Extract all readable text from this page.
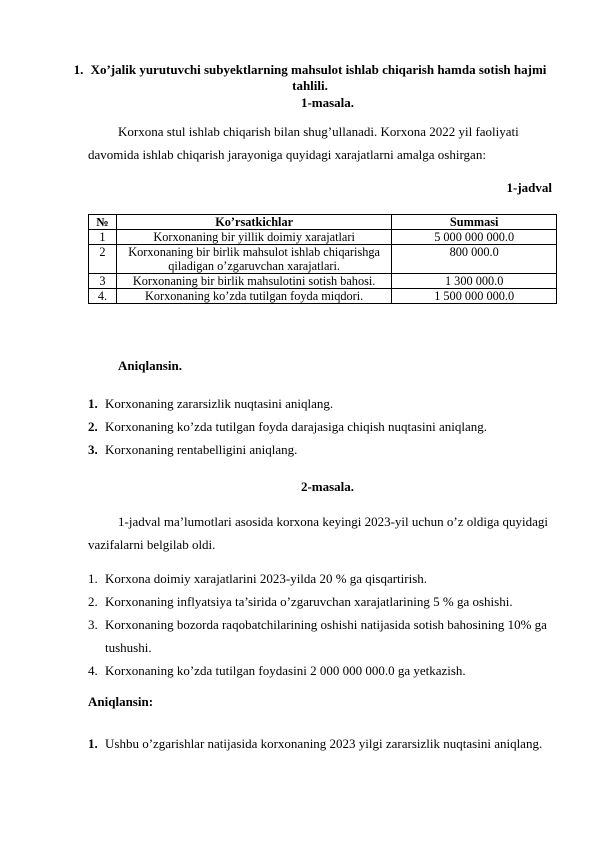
1. Xo’jalik yurutuvchi subyektlarning mahsulot ishlab chiqarish hamda sotish hajmi tahlili.
1-masala.
Korxona stul ishlab chiqarish bilan shug’ullanadi. Korxona 2022 yil faoliyati davomida ishlab chiqarish jarayoniga quyidagi xarajatlarni amalga oshirgan:
1-jadval
№	Ko’rsatkichlar	Summasi
1	Korxonaning bir yillik doimiy xarajatlari	5 000 000 000.0
2	Korxonaning bir birlik mahsulot ishlab chiqarishga qiladigan o’zgaruvchan xarajatlari.	800 000.0
3	Korxonaning bir birlik mahsulotini sotish bahosi.	1 300 000.0
4.	Korxonaning ko’zda tutilgan foyda miqdori.	1 500 000 000.0
Aniqlansin.
1. Korxonaning zararsizlik nuqtasini aniqlang.
2. Korxonaning ko’zda tutilgan foyda darajasiga chiqish nuqtasini aniqlang.
3. Korxonaning rentabelligini aniqlang.
2-masala.
1-jadval ma’lumotlari asosida korxona keyingi 2023-yil uchun o’z oldiga quyidagi vazifalarni belgilab oldi.
1. Korxona doimiy xarajatlarini 2023-yilda 20 % ga qisqartirish.
2. Korxonaning inflyatsiya ta’sirida o’zgaruvchan xarajatlarining 5 % ga oshishi.
3. Korxonaning bozorda raqobatchilarining oshishi natijasida sotish bahosining 10% ga tushushi.
4. Korxonaning ko’zda tutilgan foydasini 2 000 000 000.0 ga yetkazish.
Aniqlansin:
1. Ushbu o’zgarishlar natijasida korxonaning 2023 yilgi zararsizlik nuqtasini aniqlang.
